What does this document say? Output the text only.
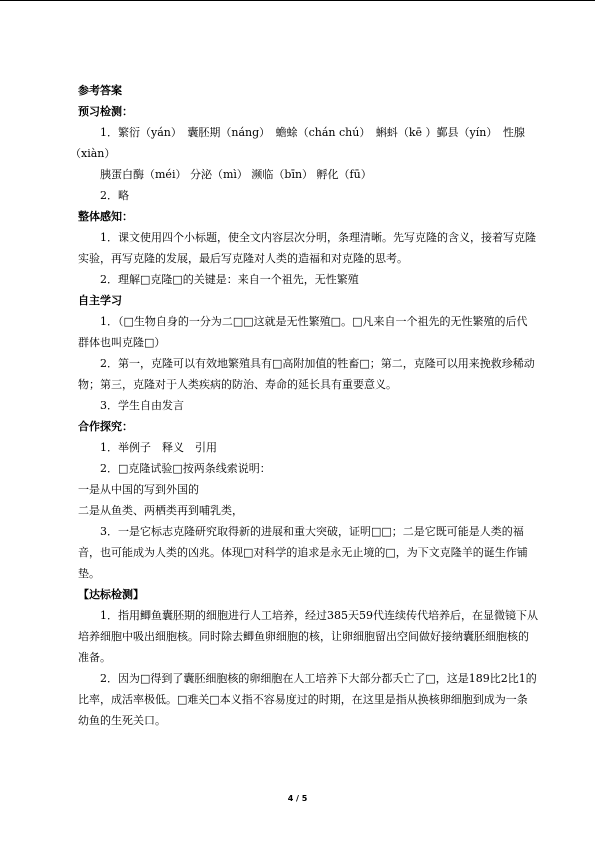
参考答案
预习检测：
1．繁衍（yán）　囊胚期（náng）　蟾蜍（chán chú）　蝌蚪（kē ）鄞县（yín）　性腺
（xiàn）
胰蛋白酶（méi） 分泌（mì） 濒临（bīn） 孵化（fū）
2．略
整体感知：
1．课文使用四个小标题，使全文内容层次分明，条理清晰。先写克隆的含义，接着写克隆实验，再写克隆的发展，最后写克隆对人类的造福和对克隆的思考。
2．理解□克隆□的关键是：来自一个祖先，无性繁殖
自主学习
1．（□生物自身的一分为二□□这就是无性繁殖□。□凡来自一个祖先的无性繁殖的后代群体也叫克隆□）
2．第一，克隆可以有效地繁殖具有□高附加值的牲畜□；第二，克隆可以用来挽救珍稀动物；第三，克隆对于人类疾病的防治、寿命的延长具有重要意义。
3．学生自由发言
合作探究：
1．举例子　释义　引用
2．□克隆试验□按两条线索说明：
一是从中国的写到外国的
二是从鱼类、两栖类再到哺乳类，
3．一是它标志克隆研究取得新的进展和重大突破，证明□□；二是它既可能是人类的福音，也可能成为人类的凶兆。体现□对科学的追求是永无止境的□，为下文克隆羊的诞生作铺垫。
【达标检测】
1．指用鲫鱼囊胚期的细胞进行人工培养，经过385天59代连续传代培养后，在显微镜下从培养细胞中吸出细胞核。同时除去鲫鱼卵细胞的核，让卵细胞留出空间做好接纳囊胚细胞核的准备。
2．因为□得到了囊胚细胞核的卵细胞在人工培养下大部分都夭亡了□，这是189比2比1的比率，成活率极低。□难关□本义指不容易度过的时期，在这里是指从换核卵细胞到成为一条幼鱼的生死关口。
4 / 5
